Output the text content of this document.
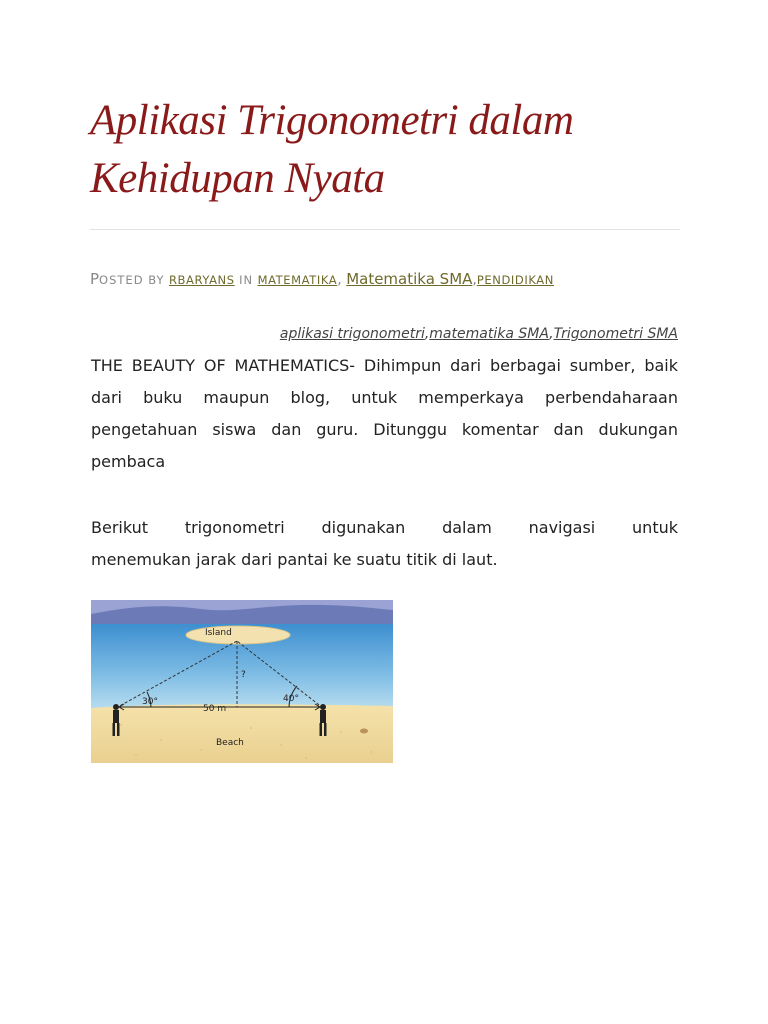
Aplikasi Trigonometri dalam Kehidupan Nyata
POSTED BY RBARYANS IN MATEMATIKA, Matematika SMA,PENDIDIKAN
aplikasi trigonometri,matematika SMA,Trigonometri SMA

THE BEAUTY OF MATHEMATICS- Dihimpun dari berbagai sumber, baik dari buku maupun blog, untuk memperkaya perbendaharaan pengetahuan siswa dan guru. Ditunggu komentar dan dukungan pembaca

Berikut trigonometri digunakan dalam navigasi untuk
menemukan jarak dari pantai ke suatu titik di laut.
Island
?
30°	40°
50 m
Beach
